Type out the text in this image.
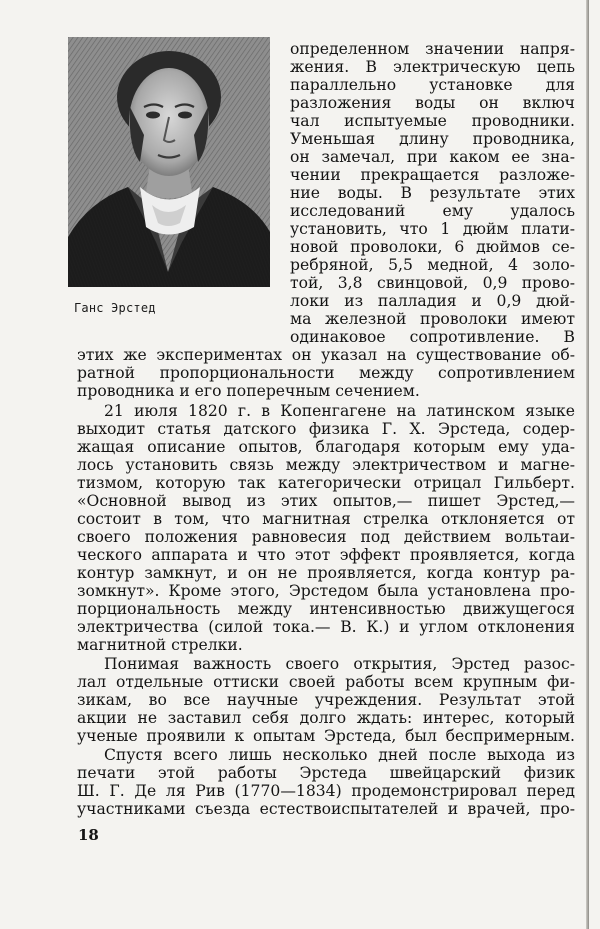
Ганс Эрстед
определенном значении напря-
жения. В электрическую цепь
параллельно установке для
разложения воды он включ
чал испытуемые проводники.
Уменьшая длину проводника,
он замечал, при каком ее зна-
чении прекращается разложе-
ние воды. В результате этих
исследований ему удалось
установить, что 1 дюйм плати-
новой проволоки, 6 дюймов се-
ребряной, 5,5 медной, 4 золо-
той, 3,8 свинцовой, 0,9 прово-
локи из палладия и 0,9 дюй-
ма железной проволоки имеют
одинаковое сопротивление. В
этих же экспериментах он указал на существование об-
ратной пропорциональности между сопротивлением
проводника и его поперечным сечением.
21 июля 1820 г. в Копенгагене на латинском языке
выходит статья датского физика Г. Х. Эрстеда, содер-
жащая описание опытов, благодаря которым ему уда-
лось установить связь между электричеством и магне-
тизмом, которую так категорически отрицал Гильберт.
«Основной вывод из этих опытов,— пишет Эрстед,—
состоит в том, что магнитная стрелка отклоняется от
своего положения равновесия под действием вольтаи-
ческого аппарата и что этот эффект проявляется, когда
контур замкнут, и он не проявляется, когда контур ра-
зомкнут». Кроме этого, Эрстедом была установлена про-
порциональность между интенсивностью движущегося
электричества (силой тока.— В. К.) и углом отклонения
магнитной стрелки.
Понимая важность своего открытия, Эрстед разос-
лал отдельные оттиски своей работы всем крупным фи-
зикам, во все научные учреждения. Результат этой
акции не заставил себя долго ждать: интерес, который
ученые проявили к опытам Эрстеда, был беспримерным.
Спустя всего лишь несколько дней после выхода из
печати этой работы Эрстеда швейцарский физик
Ш. Г. Де ля Рив (1770—1834) продемонстрировал перед
участниками съезда естествоиспытателей и врачей, про-
18
